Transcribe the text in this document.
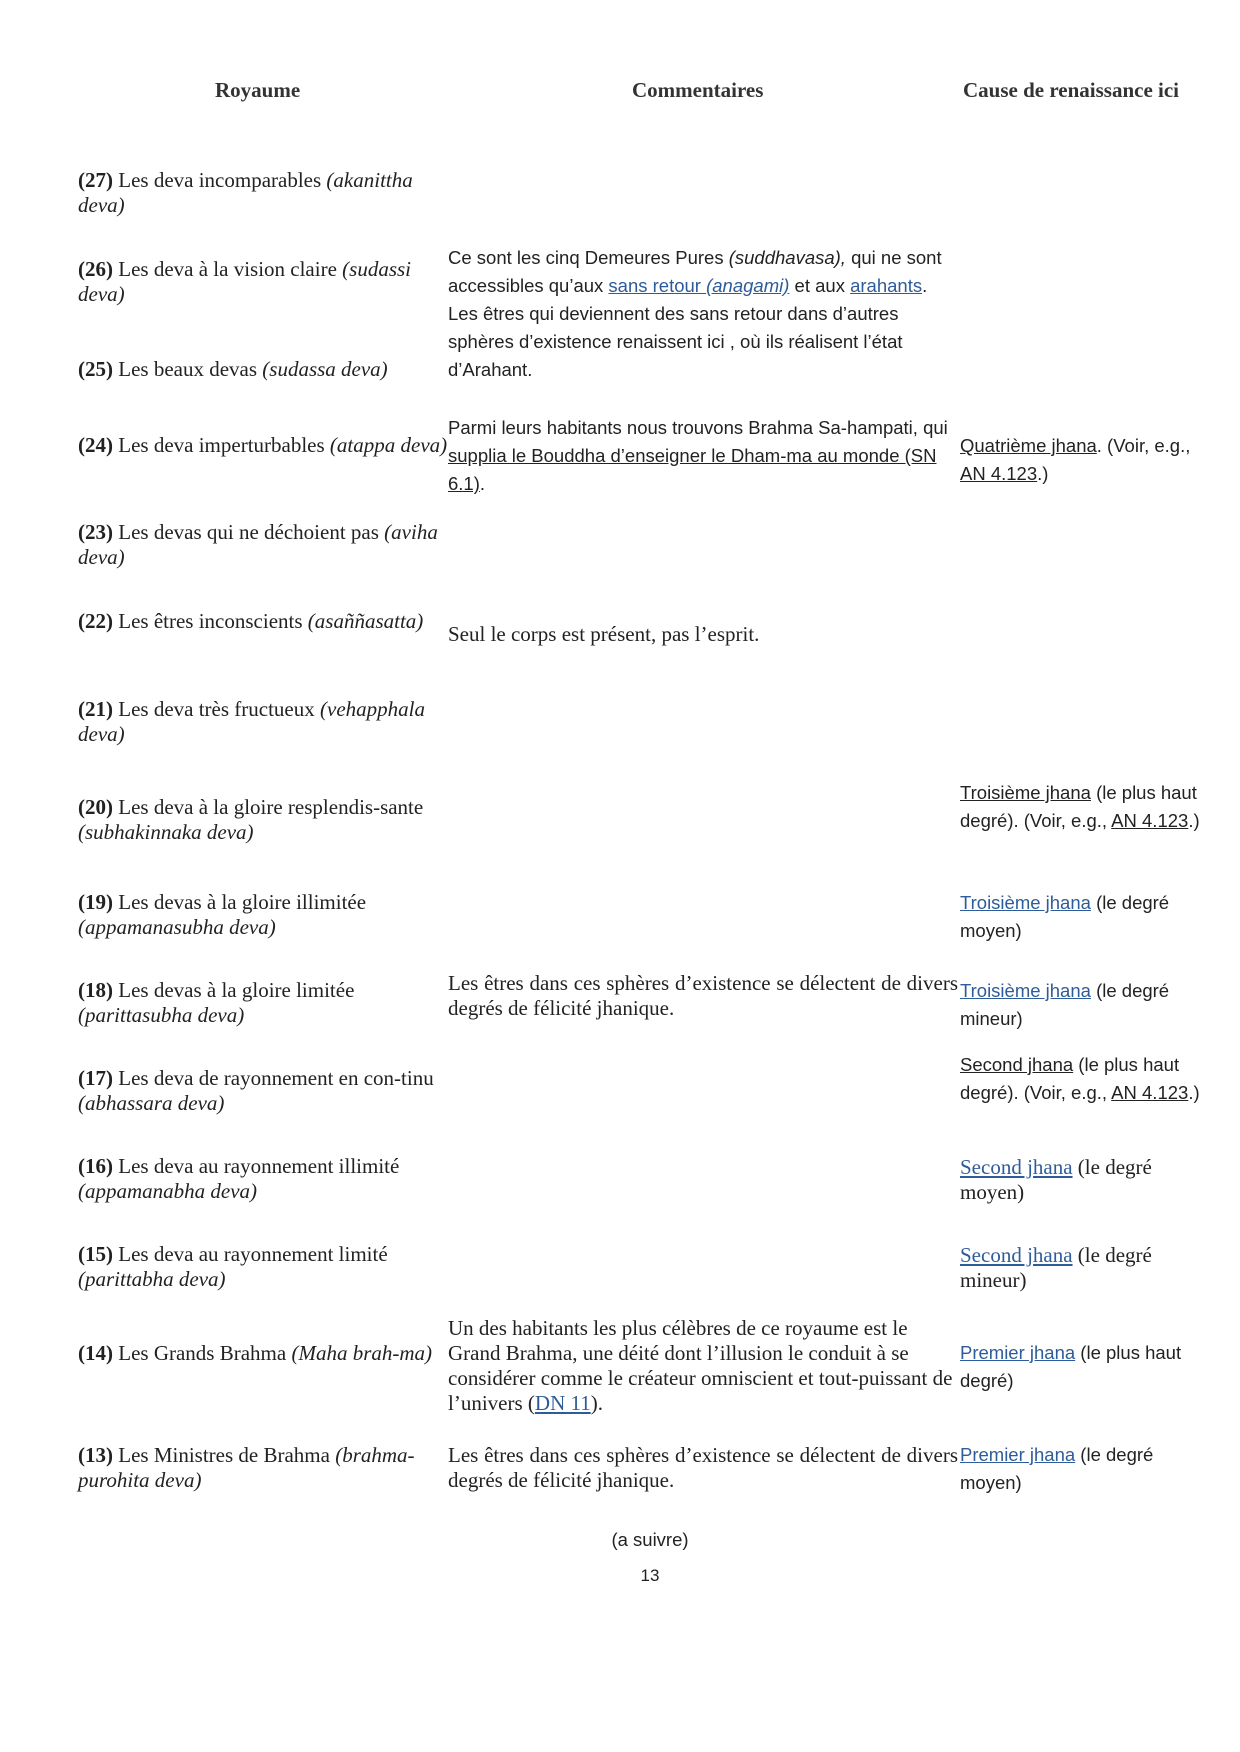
Royaume	Commentaires	Cause de renaissance ici
(27) Les deva incomparables (akanittha deva)
(26) Les deva à la vision claire (sudassi deva)
(25) Les beaux devas (sudassa deva)
(24) Les deva imperturbables (atappa deva)
(23) Les devas qui ne déchoient pas (aviha deva)
(22) Les êtres inconscients (asaññasatta)
(21) Les deva très fructueux (vehapphala deva)
(20) Les deva à la gloire resplendis-sante (subhakinnaka deva)
(19) Les devas à la gloire illimitée (appamanasubha deva)
(18) Les devas à la gloire limitée (parittasubha deva)
(17) Les deva de rayonnement en con-tinu (abhassara deva)
(16) Les deva au rayonnement illimité (appamanabha deva)
(15) Les deva au rayonnement limité (parittabha deva)
(14) Les Grands Brahma (Maha brah-ma)
(13) Les Ministres de Brahma (brahma-purohita deva)
Ce sont les cinq Demeures Pures (suddhavasa), qui ne sont accessibles qu’aux sans retour (anagami) et aux arahants. Les êtres qui deviennent des sans retour dans d’autres sphères d’existence renaissent ici , où ils réalisent l’état d’Arahant.
Parmi leurs habitants nous trouvons Brahma Sa-hampati, qui supplia le Bouddha d’enseigner le Dham-ma au monde (SN 6.1).
Seul le corps est présent, pas l’esprit.
Les êtres dans ces sphères d’existence se délectent de divers degrés de félicité jhanique.
Un des habitants les plus célèbres de ce royaume est le Grand Brahma, une déité dont l’illusion le conduit à se considérer comme le créateur omniscient et tout-puissant de l’univers (DN 11).
Les êtres dans ces sphères d’existence se délectent de divers degrés de félicité jhanique.
Quatrième jhana. (Voir, e.g., AN 4.123.)
Troisième jhana (le plus haut degré). (Voir, e.g., AN 4.123.)
Troisième jhana (le degré moyen)
Troisième jhana (le degré mineur)
Second jhana (le plus haut degré). (Voir, e.g., AN 4.123.)
Second jhana (le degré moyen)
Second jhana (le degré mineur)
Premier jhana (le plus haut degré)
Premier jhana (le degré moyen)
(a suivre)
13
